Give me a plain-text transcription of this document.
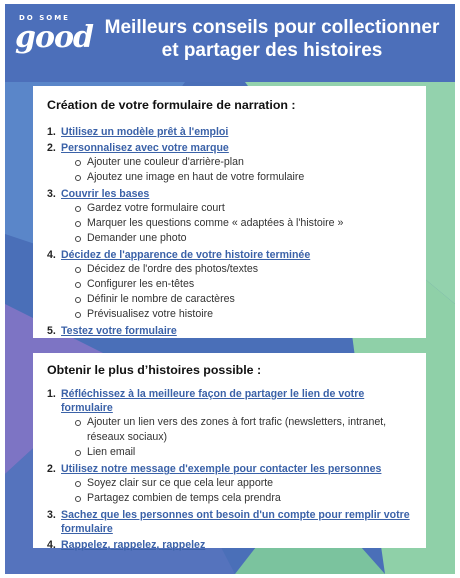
DO SOME
good Meilleurs conseils pour collectionner
et partager des histoires
Création de votre formulaire de narration :
1. Utilisez un modèle prêt à l'emploi
2. Personnalisez avec votre marque
Ajouter une couleur d'arrière-plan
Ajoutez une image en haut de votre formulaire
3. Couvrir les bases
Gardez votre formulaire court
Marquer les questions comme « adaptées à l'histoire »
Demander une photo
4. Décidez de l'apparence de votre histoire terminée
Décidez de l'ordre des photos/textes
Configurer les en-têtes
Définir le nombre de caractères
Prévisualisez votre histoire
5. Testez votre formulaire
Obtenir le plus d’histoires possible :
1. Réfléchissez à la meilleure façon de partager le lien de votre formulaire
Ajouter un lien vers des zones à fort trafic (newsletters, intranet, réseaux sociaux)
Lien email
2. Utilisez notre message d'exemple pour contacter les personnes
Soyez clair sur ce que cela leur apporte
Partagez combien de temps cela prendra
3. Sachez que les personnes ont besoin d'un compte pour remplir votre formulaire
4. Rappelez, rappelez, rappelez
